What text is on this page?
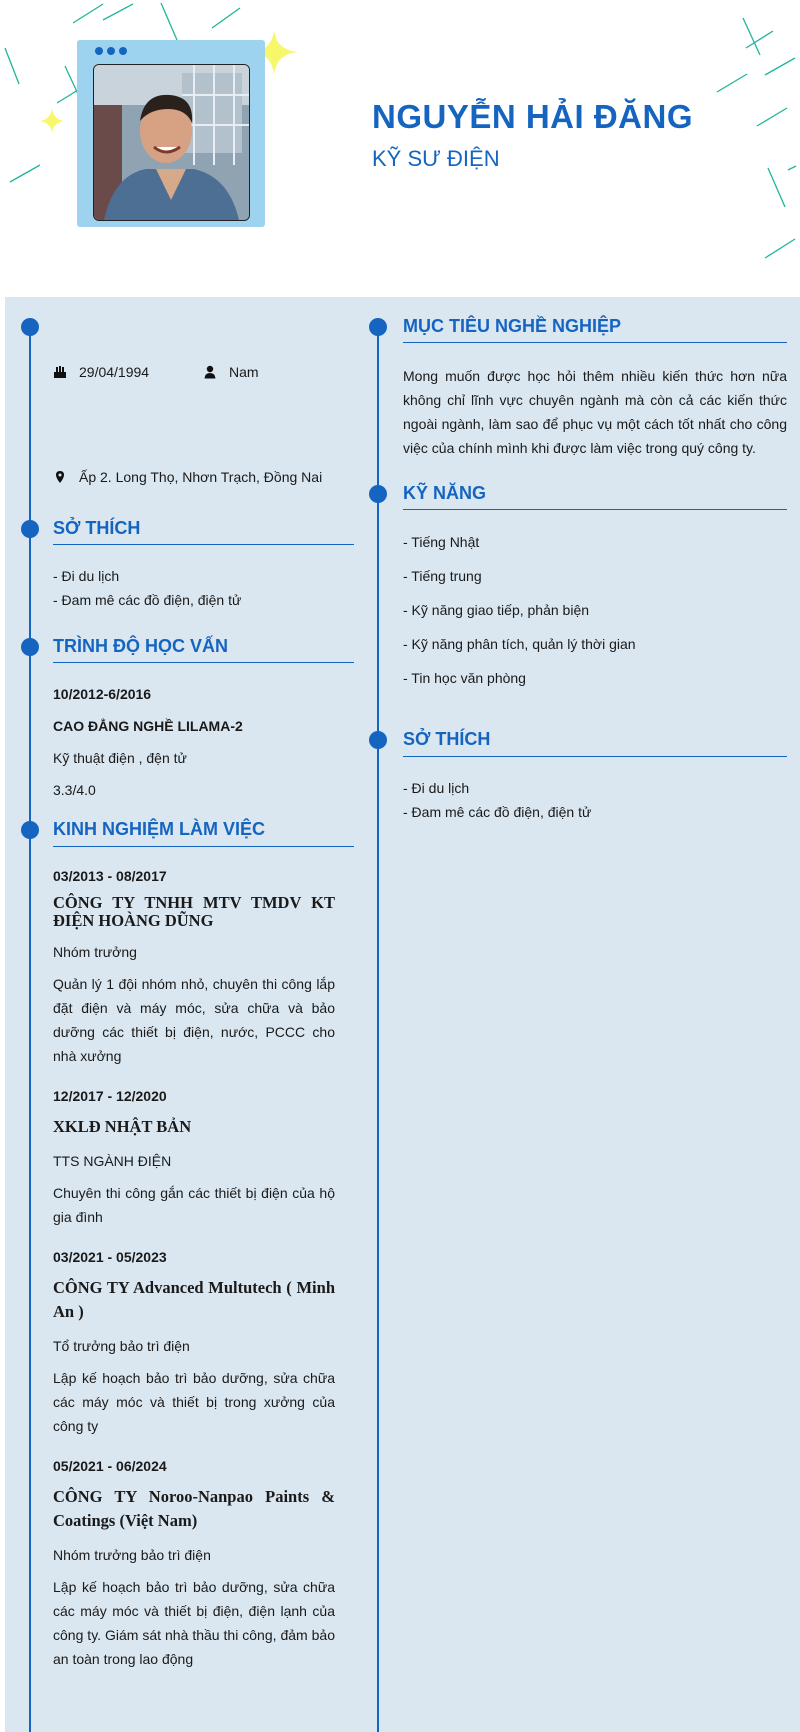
NGUYỄN HẢI ĐĂNG
KỸ SƯ ĐIỆN
29/04/1994	Nam
Ấp 2. Long Thọ, Nhơn Trạch, Đồng Nai
SỞ THÍCH
- Đi du lịch
- Đam mê các đồ điện, điện tử
TRÌNH ĐỘ HỌC VẤN
10/2012-6/2016
CAO ĐẲNG NGHỀ LILAMA-2
Kỹ thuật điện , đện tử
3.3/4.0
KINH NGHIỆM LÀM VIỆC
03/2013 - 08/2017
CÔNG TY TNHH MTV TMDV KT ĐIỆN HOÀNG DŨNG
Nhóm trưởng
Quản lý 1 đội nhóm nhỏ, chuyên thi công lắp đặt điện và máy móc, sửa chữa và bảo dưỡng các thiết bị điện, nước, PCCC cho nhà xưởng
12/2017 - 12/2020
XKLĐ NHẬT BẢN
TTS NGÀNH ĐIỆN
Chuyên thi công gắn các thiết bị điện của hộ gia đình
03/2021 - 05/2023
CÔNG TY Advanced Multutech ( Minh An )
Tổ trưởng bảo trì điện
Lập kế hoạch bảo trì bảo dưỡng, sửa chữa các máy móc và thiết bị trong xưởng của công ty
05/2021 - 06/2024
CÔNG TY Noroo-Nanpao Paints & Coatings (Việt Nam)
Nhóm trưởng bảo trì điện
Lập kế hoạch bảo trì bảo dưỡng, sửa chữa các máy móc và thiết bị điện, điện lạnh của công ty. Giám sát nhà thầu thi công, đảm bảo an toàn trong lao động
MỤC TIÊU NGHỀ NGHIỆP
Mong muốn được học hỏi thêm nhiều kiến thức hơn nữa không chỉ lĩnh vực chuyên ngành mà còn cả các kiến thức ngoài ngành, làm sao để phục vụ một cách tốt nhất cho công việc của chính mình khi được làm việc trong quý công ty.
KỸ NĂNG
- Tiếng Nhật
- Tiếng trung
- Kỹ năng giao tiếp, phản biện
- Kỹ năng phân tích, quản lý thời gian
- Tin học văn phòng
SỞ THÍCH
- Đi du lịch
- Đam mê các đồ điện, điện tử
